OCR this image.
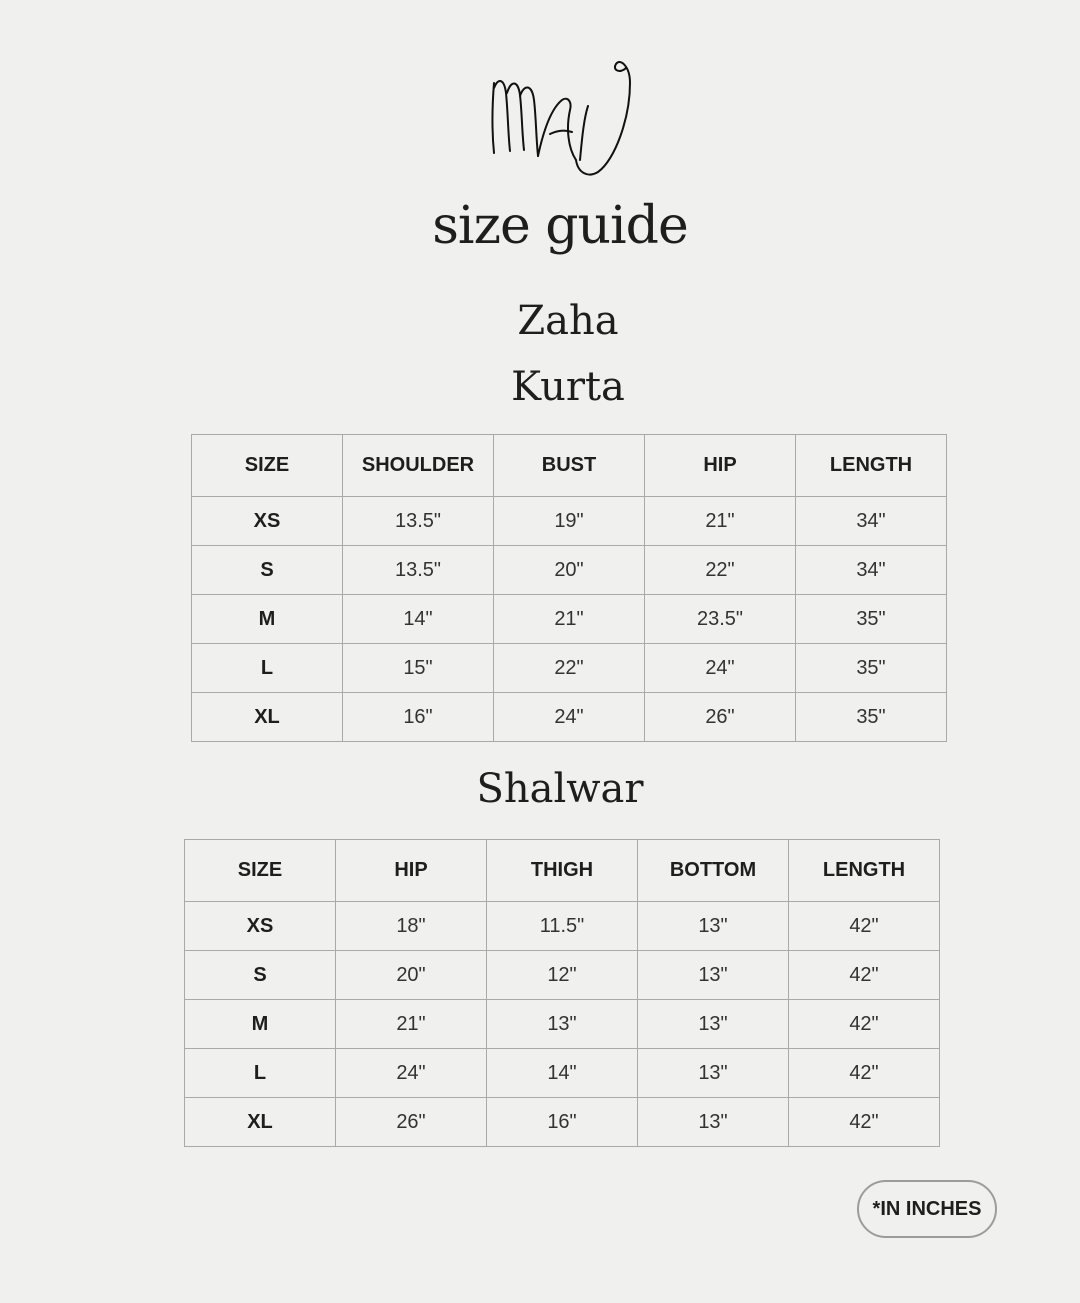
size guide
Zaha
Kurta
SIZE	SHOULDER	BUST	HIP	LENGTH
XS	13.5"	19"	21"	34"
S	13.5"	20"	22"	34"
M	14"	21"	23.5"	35"
L	15"	22"	24"	35"
XL	16"	24"	26"	35"
Shalwar
SIZE	HIP	THIGH	BOTTOM	LENGTH
XS	18"	11.5"	13"	42"
S	20"	12"	13"	42"
M	21"	13"	13"	42"
L	24"	14"	13"	42"
XL	26"	16"	13"	42"
*IN INCHES
